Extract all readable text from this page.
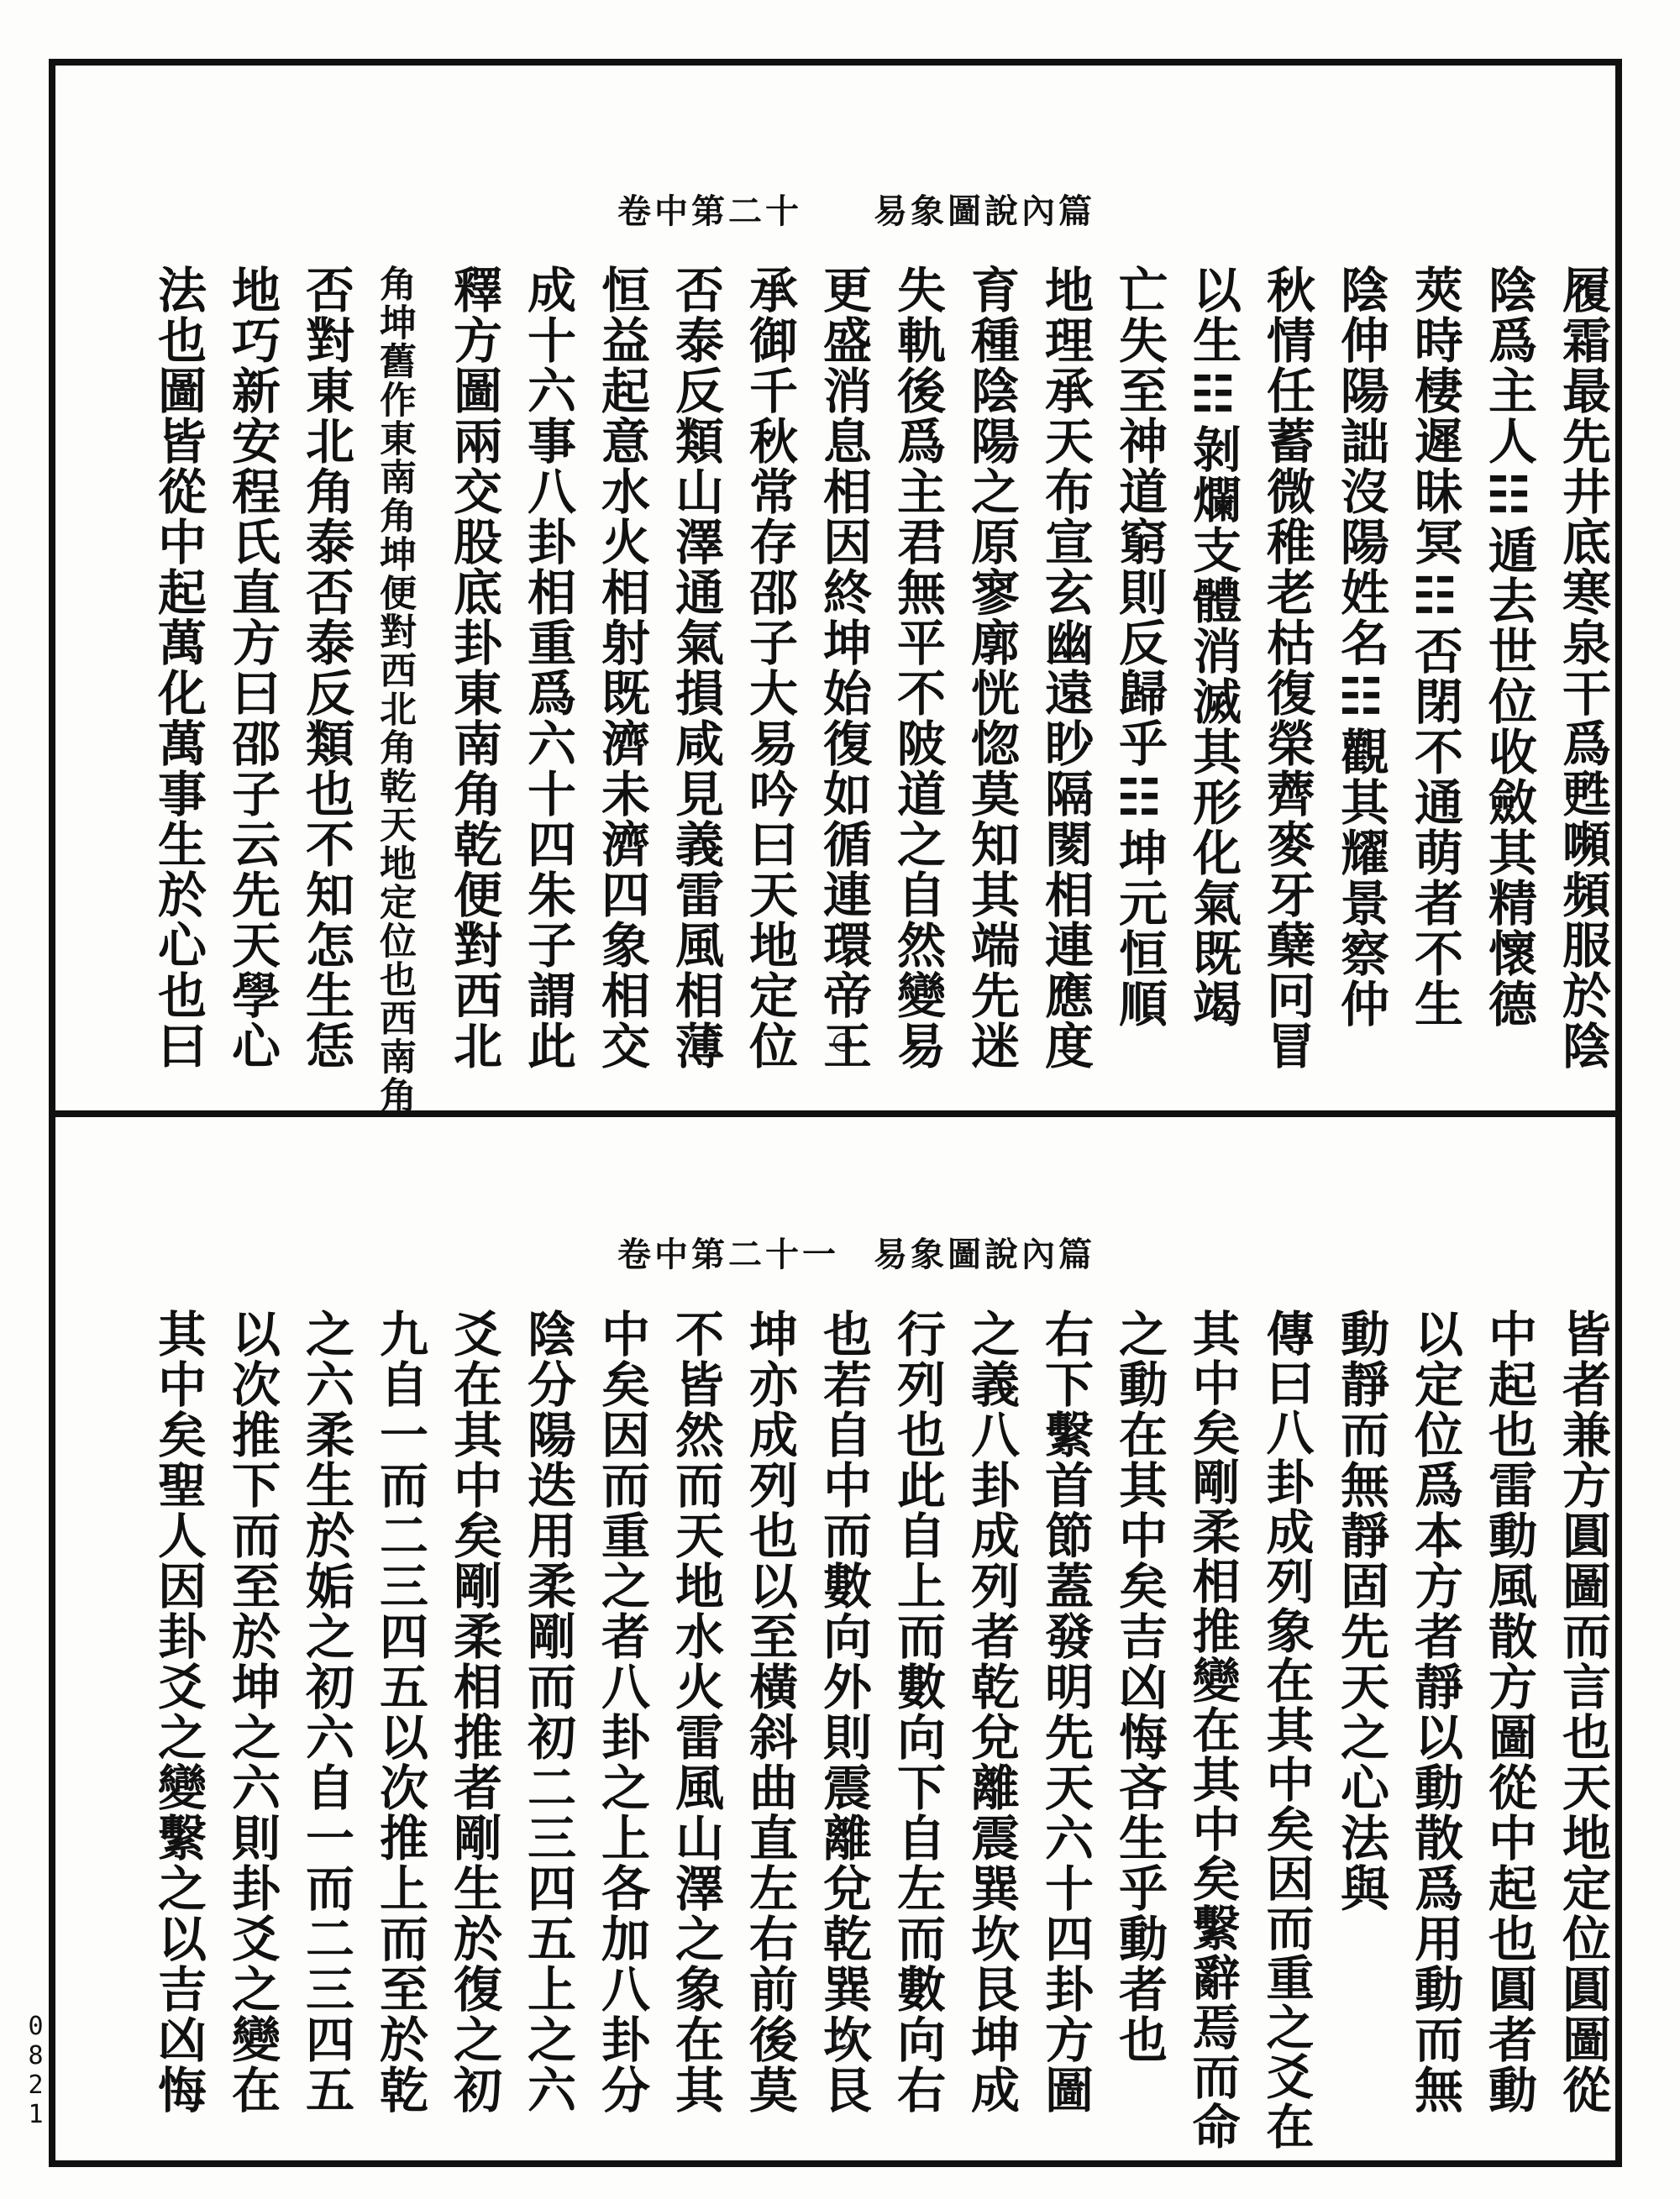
易象圖說內篇
卷中第二十
易象圖說內篇
卷中第二十一
履霜最先井底寒泉干爲甦嚬頻服於陰
陰爲主人☷遁去世位收斂其精懷德
莢時棲遲昧冥☷否閉不通萌者不生
陰伸陽詘沒陽姓名☷觀其耀景察仲
秋情任蓄微稚老枯復榮薺麥牙蘖冋冒
以生☷剝爛支體消滅其形化氣既竭
亡失至神道窮則反歸乎☷坤元恒順
地理承天布宣玄幽遠眇隔閡相連應度
育種陰陽之原寥廓恍惚莫知其端先迷
失軌後爲主君無平不陂道之自然變易
更盛消息相因終坤始復如循連環帝王
承御千秋常存邵子大易吟曰天地定位
否泰反類山澤通氣損咸見義雷風相薄
恒益起意水火相射既濟未濟四象相交
成十六事八卦相重爲六十四朱子謂此
釋方圖兩交股底卦東南角乾便對西北
角坤舊作東南角坤便對西北角乾天地定位也西南角
否對東北角泰否泰反類也不知怎生恁
地巧新安程氏直方曰邵子云先天學心
法也圖皆從中起萬化萬事生於心也曰
皆者兼方圓圖而言也天地定位圓圖從
中起也雷動風散方圖從中起也圓者動
以定位爲本方者靜以動散爲用動而無
動靜而無靜固先天之心法與
傳曰八卦成列象在其中矣因而重之爻在
其中矣剛柔相推變在其中矣繫辭焉而命
之動在其中矣吉凶悔吝生乎動者也
右下繫首節蓋發明先天六十四卦方圖
之義八卦成列者乾兌離震巽坎艮坤成
行列也此自上而數向下自左而數向右
也若自中而數向外則震離兌乾巽坎艮
坤亦成列也以至橫斜曲直左右前後莫
不皆然而天地水火雷風山澤之象在其
中矣因而重之者八卦之上各加八卦分
陰分陽迭用柔剛而初二三四五上之六
爻在其中矣剛柔相推者剛生於復之初
九自一而二三四五以次推上而至於乾
之六柔生於姤之初六自一而二三四五
以次推下而至於坤之六則卦爻之變在
其中矣聖人因卦爻之變繫之以吉凶悔
0821
